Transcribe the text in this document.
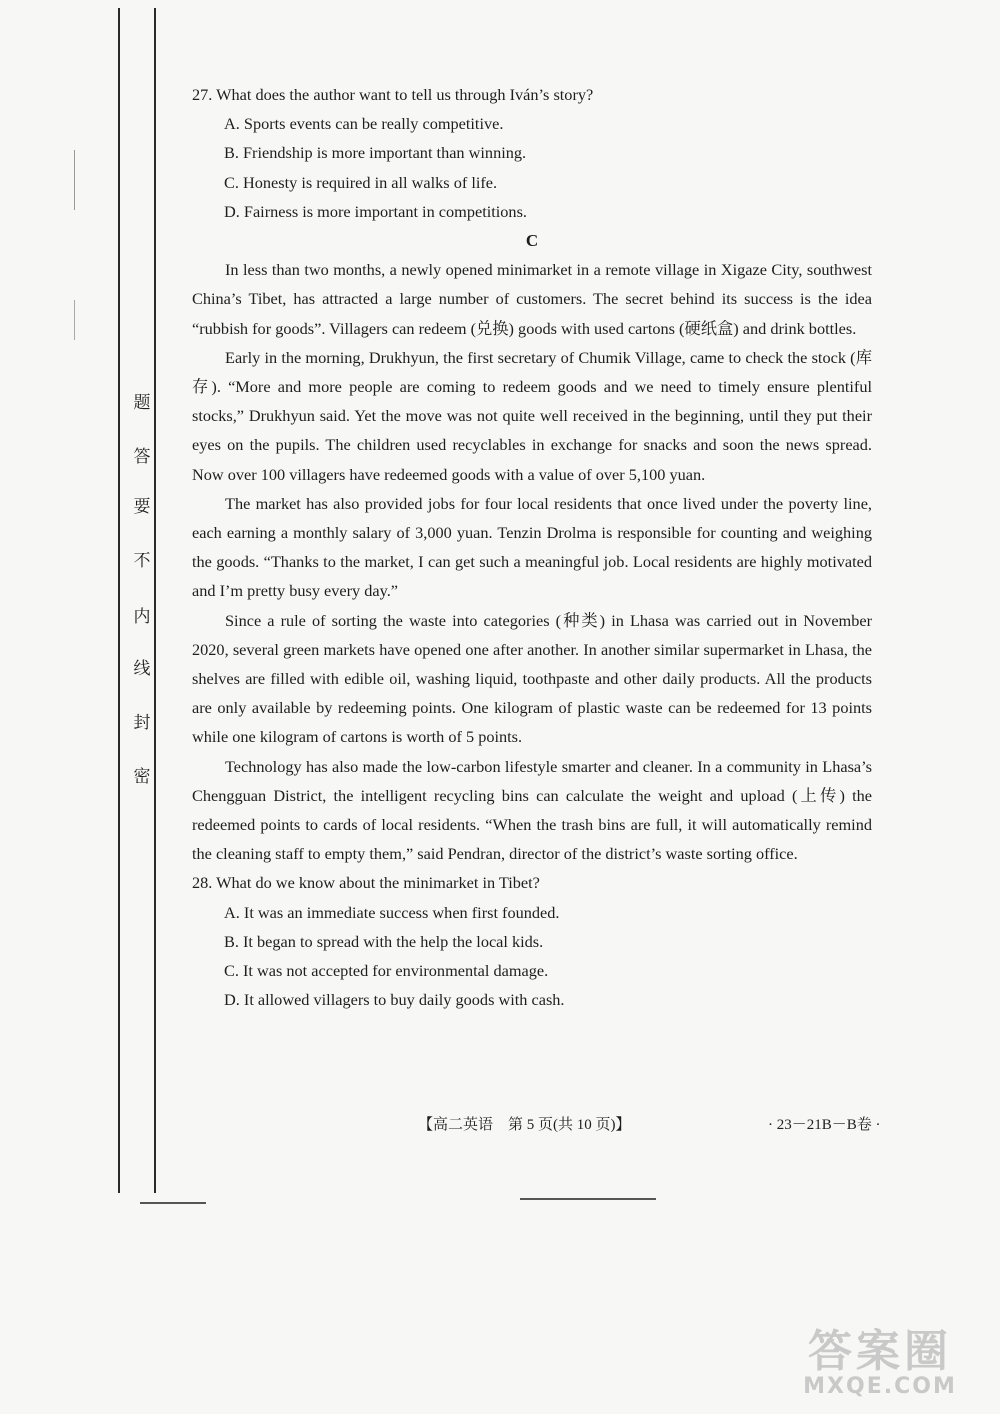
题
答
要
不
内
线
封
密

27. What does the author want to tell us through Iván’s story?

A. Sports events can be really competitive.

B. Friendship is more important than winning.

C. Honesty is required in all walks of life.

D. Fairness is more important in competitions.

C

In less than two months, a newly opened minimarket in a remote village in Xigaze City, southwest China’s Tibet, has attracted a large number of customers. The secret behind its success is the idea “rubbish for goods”. Villagers can redeem (兑换) goods with used cartons (硬纸盒) and drink bottles.

Early in the morning, Drukhyun, the first secretary of Chumik Village, came to check the stock (库存). “More and more people are coming to redeem goods and we need to timely ensure plentiful stocks,” Drukhyun said. Yet the move was not quite well received in the beginning, until they put their eyes on the pupils. The children used recyclables in exchange for snacks and soon the news spread. Now over 100 villagers have redeemed goods with a value of over 5,100 yuan.

The market has also provided jobs for four local residents that once lived under the poverty line, each earning a monthly salary of 3,000 yuan. Tenzin Drolma is responsible for counting and weighing the goods. “Thanks to the market, I can get such a meaningful job. Local residents are highly motivated and I’m pretty busy every day.”

Since a rule of sorting the waste into categories (种类) in Lhasa was carried out in November 2020, several green markets have opened one after another. In another similar supermarket in Lhasa, the shelves are filled with edible oil, washing liquid, toothpaste and other daily products. All the products are only available by redeeming points. One kilogram of plastic waste can be redeemed for 13 points while one kilogram of cartons is worth of 5 points.

Technology has also made the low-carbon lifestyle smarter and cleaner. In a community in Lhasa’s Chengguan District, the intelligent recycling bins can calculate the weight and upload (上传) the redeemed points to cards of local residents. “When the trash bins are full, it will automatically remind the cleaning staff to empty them,” said Pendran, director of the district’s waste sorting office.

28. What do we know about the minimarket in Tibet?

A. It was an immediate success when first founded.

B. It began to spread with the help the local kids.

C. It was not accepted for environmental damage.

D. It allowed villagers to buy daily goods with cash.

【高二英语　第 5 页(共 10 页)】	· 23－21B－B卷 ·
答案圈
MXQE.COM
